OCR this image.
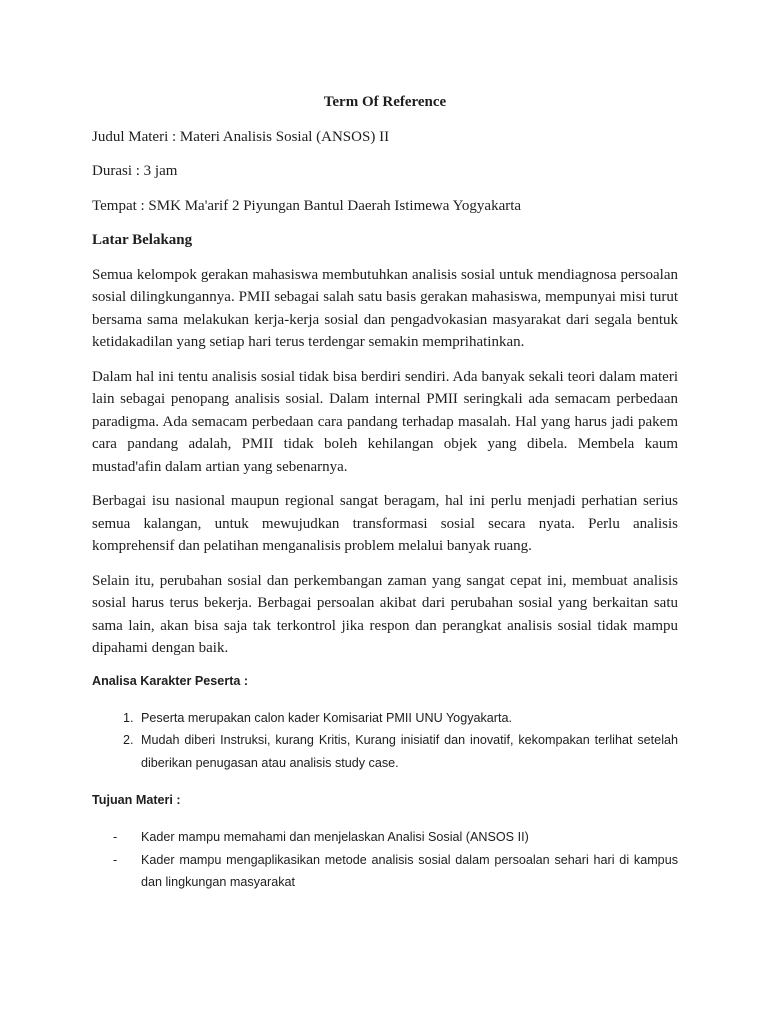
Term Of Reference
Judul Materi : Materi Analisis Sosial (ANSOS) II
Durasi : 3 jam
Tempat : SMK Ma'arif 2 Piyungan Bantul Daerah Istimewa Yogyakarta
Latar Belakang

Semua kelompok gerakan mahasiswa membutuhkan analisis sosial untuk mendiagnosa persoalan sosial dilingkungannya. PMII sebagai salah satu basis gerakan mahasiswa, mempunyai misi turut bersama sama melakukan kerja-kerja sosial dan pengadvokasian masyarakat dari segala bentuk ketidakadilan yang setiap hari terus terdengar semakin memprihatinkan.

Dalam hal ini tentu analisis sosial tidak bisa berdiri sendiri. Ada banyak sekali teori dalam materi lain sebagai penopang analisis sosial. Dalam internal PMII seringkali ada semacam perbedaan paradigma. Ada semacam perbedaan cara pandang terhadap masalah. Hal yang harus jadi pakem cara pandang adalah, PMII tidak boleh kehilangan objek yang dibela. Membela kaum mustad'afin dalam artian yang sebenarnya.

Berbagai isu nasional maupun regional sangat beragam, hal ini perlu menjadi perhatian serius semua kalangan, untuk mewujudkan transformasi sosial secara nyata. Perlu analisis komprehensif dan pelatihan menganalisis problem melalui banyak ruang.

Selain itu, perubahan sosial dan perkembangan zaman yang sangat cepat ini, membuat analisis sosial harus terus bekerja. Berbagai persoalan akibat dari perubahan sosial yang berkaitan satu sama lain, akan bisa saja tak terkontrol jika respon dan perangkat analisis sosial tidak mampu dipahami dengan baik.

Analisa Karakter Peserta :
1. Peserta merupakan calon kader Komisariat PMII UNU Yogyakarta.
2. Mudah diberi Instruksi, kurang Kritis, Kurang inisiatif dan inovatif, kekompakan terlihat setelah diberikan penugasan atau analisis study case.
Tujuan Materi :
- Kader mampu memahami dan menjelaskan Analisi Sosial (ANSOS II)
- Kader mampu mengaplikasikan metode analisis sosial dalam persoalan sehari hari di kampus dan lingkungan masyarakat
